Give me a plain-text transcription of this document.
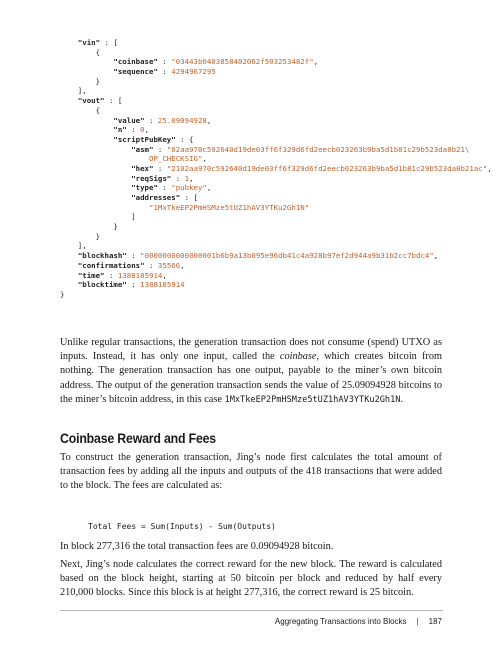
"vin" : [
{
"coinbase" : "03443b0403858402062f503253482f",
"sequence" : 4294967295
}
],
"vout" : [
{
"value" : 25.09094928,
"n" : 0,
"scriptPubKey" : {
"asm" : "02aa970c592640d19de03ff6f329d6fd2eecb023263b9ba5d1b81c29b523da8b21\
OP_CHECKSIG",
"hex" : "2102aa970c592640d19de03ff6f329d6fd2eecb023263b9ba5d1b81c29b523da8b21ac",
"reqSigs" : 1,
"type" : "pubkey",
"addresses" : [
"1MxTkeEP2PmHSMze5tUZ1hAV3YTKu2Gh1N"
]
}
}
],
"blockhash" : "0000000000000001b6b9a13b095e96db41c4a928b97ef2d944a9b31b2cc7bdc4",
"confirmations" : 35566,
"time" : 1388185914,
"blocktime" : 1388185914
}

Unlike regular transactions, the generation transaction does not consume (spend) UTXO as inputs. Instead, it has only one input, called the coinbase, which creates bitcoin from nothing. The generation transaction has one output, payable to the miner’s own bitcoin address. The output of the generation transaction sends the value of 25.09094928 bitcoins to the miner’s bitcoin address, in this case 1MxTkeEP2PmHSMze5tUZ1hAV3YTKu2Gh1N.

Coinbase Reward and Fees

To construct the generation transaction, Jing’s node first calculates the total amount of transaction fees by adding all the inputs and outputs of the 418 transactions that were added to the block. The fees are calculated as:

Total Fees = Sum(Inputs) - Sum(Outputs)

In block 277,316 the total transaction fees are 0.09094928 bitcoin.

Next, Jing’s node calculates the correct reward for the new block. The reward is calculated based on the block height, starting at 50 bitcoin per block and reduced by half every 210,000 blocks. Since this block is at height 277,316, the correct reward is 25 bitcoin.

Aggregating Transactions into Blocks | 187
